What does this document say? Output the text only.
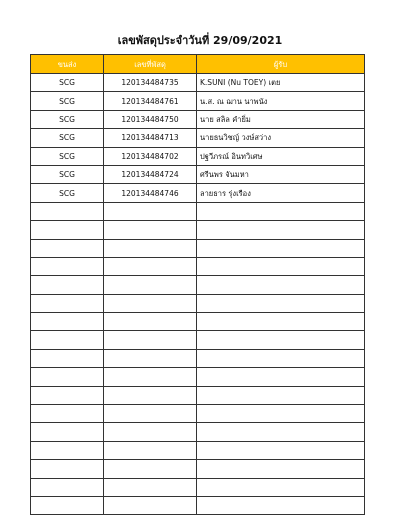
เลขพัสดุประจำวันที่ 29/09/2021
ขนส่ง	เลขที่พัสดุ	ผู้รับ
SCG	120134484735	K.SUNI (Nu TOEY) เตย
SCG	120134484761	น.ส. ณ ฌาน นาพนัง
SCG	120134484750	นาย สลิล คำยิ่ม
SCG	120134484713	นายธนวิชญ์ วงษ์สว่าง
SCG	120134484702	ปฐวีภรณ์ อินทวิเศษ
SCG	120134484724	ศรีนพร จันมหา
SCG	120134484746	ลายธาร รุ่งเรือง
